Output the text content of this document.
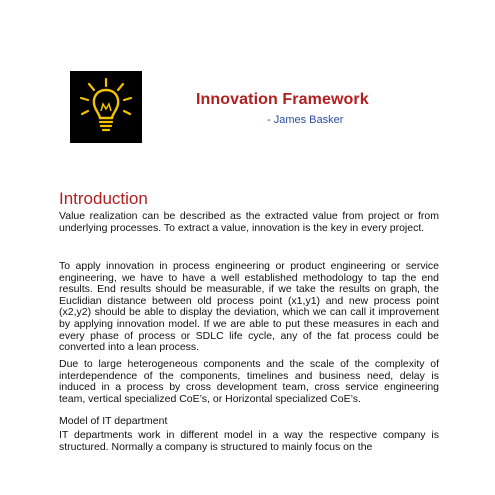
Innovation Framework
- James Basker
Introduction

Value realization can be described as the extracted value from project or from underlying processes. To extract a value, innovation is the key in every project.

To apply innovation in process engineering or product engineering or service engineering, we have to have a well established methodology to tap the end results. End results should be measurable, if we take the results on graph, the Euclidian distance between old process point (x1,y1) and new process point (x2,y2) should be able to display the deviation, which we can call it improvement by applying innovation model. If we are able to put these measures in each and every phase of process or SDLC life cycle, any of the fat process could be converted into a lean process.

Due to large heterogeneous components and the scale of the complexity of interdependence of the components, timelines and business need, delay is induced in a process by cross development team, cross service engineering team, vertical specialized CoE’s, or Horizontal specialized CoE’s.

Model of IT department

IT departments work in different model in a way the respective company is structured. Normally a company is structured to mainly focus on the
